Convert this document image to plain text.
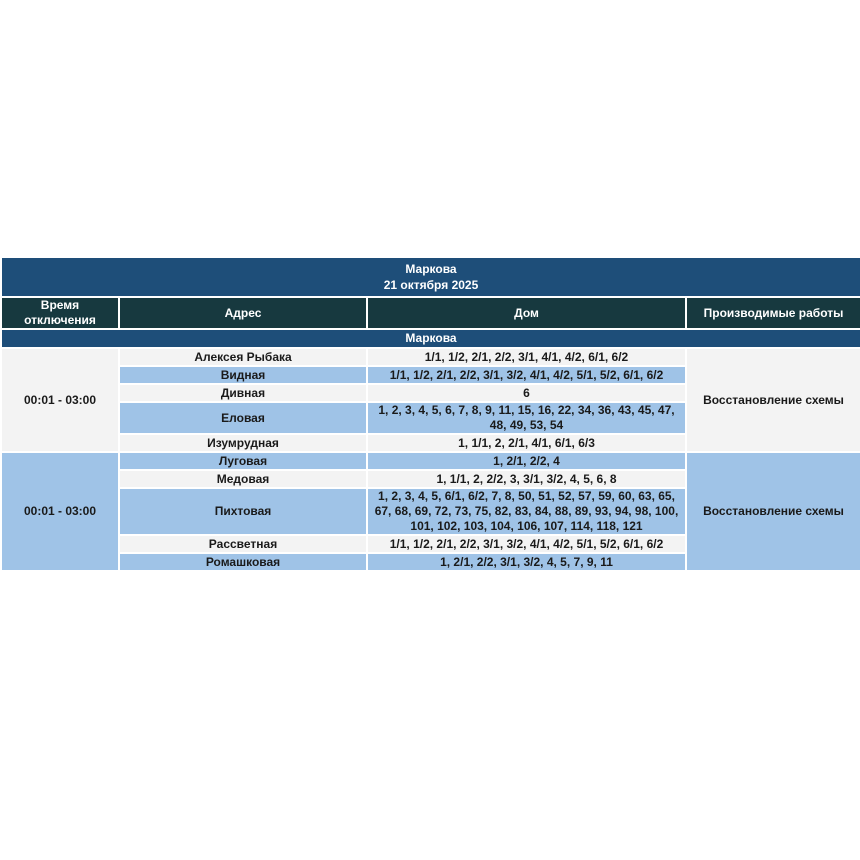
Маркова
21 октября 2025			

Время отключения	Адрес	Дом	Производимые работы
Маркова			
00:01 - 03:00	Алексея Рыбака	1/1, 1/2, 2/1, 2/2, 3/1, 4/1, 4/2, 6/1, 6/2	Восстановление схемы
	Видная	1/1, 1/2, 2/1, 2/2, 3/1, 3/2, 4/1, 4/2, 5/1, 5/2, 6/1, 6/2	
	Дивная	6	
	Еловая	1, 2, 3, 4, 5, 6, 7, 8, 9, 11, 15, 16, 22, 34, 36, 43, 45, 47, 48, 49, 53, 54	
	Изумрудная	1, 1/1, 2, 2/1, 4/1, 6/1, 6/3	
00:01 - 03:00	Луговая	1, 2/1, 2/2, 4	Восстановление схемы
	Медовая	1, 1/1, 2, 2/2, 3, 3/1, 3/2, 4, 5, 6, 8	
	Пихтовая	1, 2, 3, 4, 5, 6/1, 6/2, 7, 8, 50, 51, 52, 57, 59, 60, 63, 65, 67, 68, 69, 72, 73, 75, 82, 83, 84, 88, 89, 93, 94, 98, 100, 101, 102, 103, 104, 106, 107, 114, 118, 121	
	Рассветная	1/1, 1/2, 2/1, 2/2, 3/1, 3/2, 4/1, 4/2, 5/1, 5/2, 6/1, 6/2	
	Ромашковая	1, 2/1, 2/2, 3/1, 3/2, 4, 5, 7, 9, 11	
